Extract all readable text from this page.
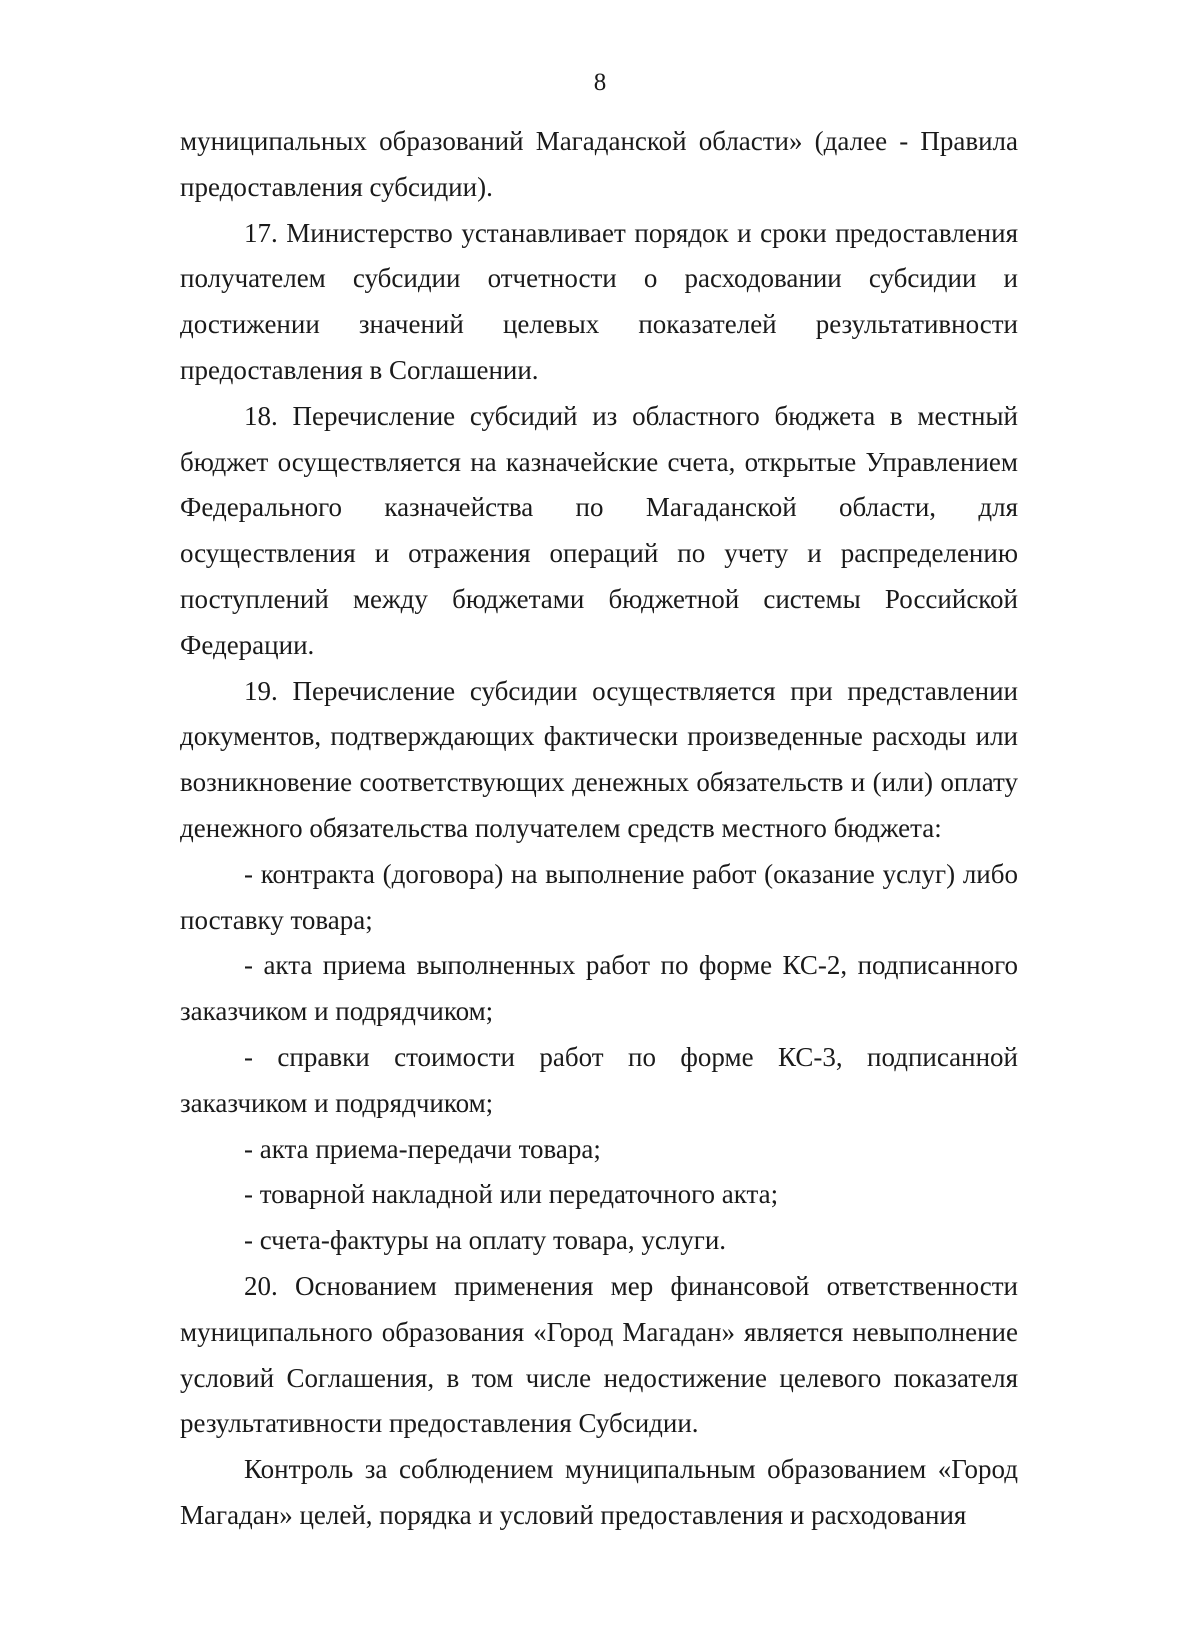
8

муниципальных образований Магаданской области» (далее - Правила предоставления субсидии).

17. Министерство устанавливает порядок и сроки предоставления получателем субсидии отчетности о расходовании субсидии и достижении значений целевых показателей результативности предоставления в Соглашении.

18. Перечисление субсидий из областного бюджета в местный бюджет осуществляется на казначейские счета, открытые Управлением Федерального казначейства по Магаданской области, для осуществления и отражения операций по учету и распределению поступлений между бюджетами бюджетной системы Российской Федерации.

19. Перечисление субсидии осуществляется при представлении документов, подтверждающих фактически произведенные расходы или возникновение соответствующих денежных обязательств и (или) оплату денежного обязательства получателем средств местного бюджета:

- контракта (договора) на выполнение работ (оказание услуг) либо поставку товара;

- акта приема выполненных работ по форме КС-2, подписанного заказчиком и подрядчиком;

- справки стоимости работ по форме КС-3, подписанной заказчиком и подрядчиком;

- акта приема-передачи товара;

- товарной накладной или передаточного акта;

- счета-фактуры на оплату товара, услуги.

20. Основанием применения мер финансовой ответственности муниципального образования «Город Магадан» является невыполнение условий Соглашения, в том числе недостижение целевого показателя результативности предоставления Субсидии.

Контроль за соблюдением муниципальным образованием «Город Магадан» целей, порядка и условий предоставления и расходования
